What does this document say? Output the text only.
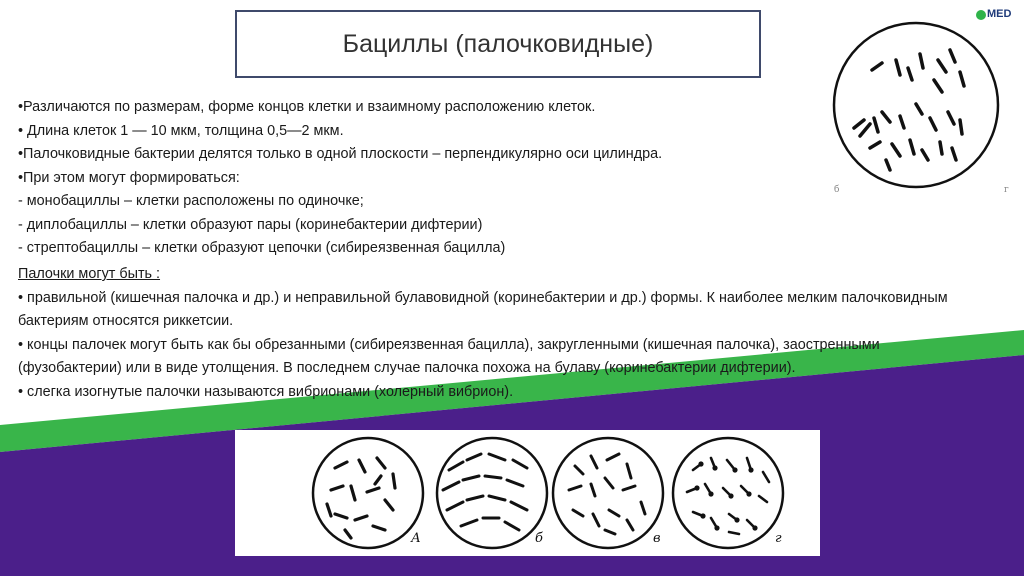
MED
Бациллы (палочковидные)
б	г
•Различаются по размерам, форме концов клетки и взаимному расположению клеток.
• Длина клеток 1 — 10 мкм, толщина 0,5—2 мкм.
•Палочковидные бактерии делятся только в одной плоскости – перпендикулярно оси цилиндра.
•При этом могут формироваться:
- монобациллы – клетки расположены по одиночке;
- диплобациллы – клетки образуют пары (коринебактерии дифтерии)
- стрептобациллы – клетки образуют цепочки (сибиреязвенная бацилла)
Палочки могут быть :
• правильной (кишечная палочка и др.) и неправильной булавовидной (коринебактерии и др.) формы. К наиболее мелким палочковидным бактериям относятся риккетсии.
• концы палочек могут быть как бы обрезанными (сибиреязвенная бацилла), закругленными (кишечная палочка), заостренными (фузобактерии) или в виде утолщения. В последнем случае палочка похожа на булаву (коринебактерии дифтерии).
• слегка изогнутые палочки называются вибрионами (холерный вибрион).
А	б	в	г
